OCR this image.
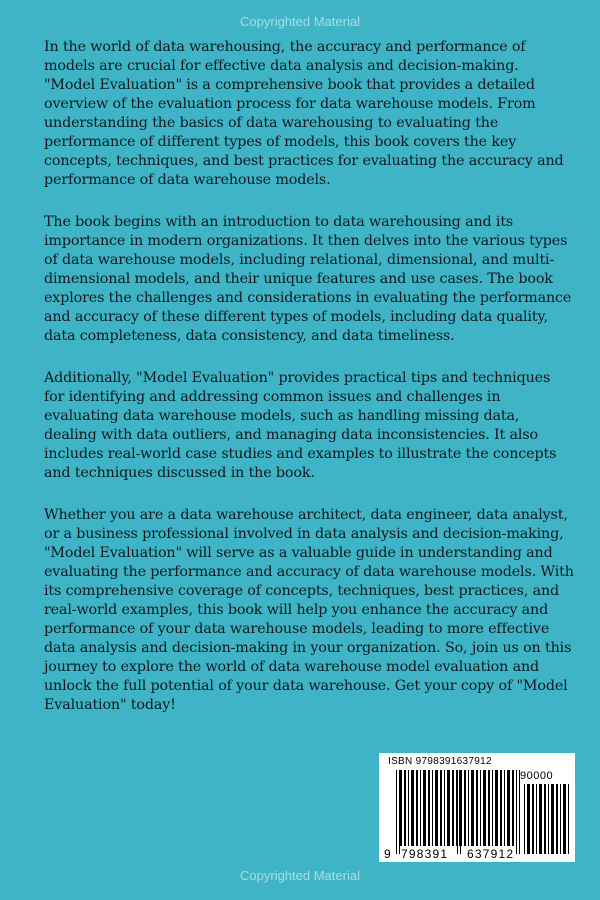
Copyrighted Material

In the world of data warehousing, the accuracy and performance of models are crucial for effective data analysis and decision-making. "Model Evaluation" is a comprehensive book that provides a detailed overview of the evaluation process for data warehouse models. From understanding the basics of data warehousing to evaluating the performance of different types of models, this book covers the key concepts, techniques, and best practices for evaluating the accuracy and performance of data warehouse models.

The book begins with an introduction to data warehousing and its importance in modern organizations. It then delves into the various types of data warehouse models, including relational, dimensional, and multi-dimensional models, and their unique features and use cases. The book explores the challenges and considerations in evaluating the performance and accuracy of these different types of models, including data quality, data completeness, data consistency, and data timeliness.

Additionally, "Model Evaluation" provides practical tips and techniques for identifying and addressing common issues and challenges in evaluating data warehouse models, such as handling missing data, dealing with data outliers, and managing data inconsistencies. It also includes real-world case studies and examples to illustrate the concepts and techniques discussed in the book.

Whether you are a data warehouse architect, data engineer, data analyst, or a business professional involved in data analysis and decision-making, "Model Evaluation" will serve as a valuable guide in understanding and evaluating the performance and accuracy of data warehouse models. With its comprehensive coverage of concepts, techniques, best practices, and real-world examples, this book will help you enhance the accuracy and performance of your data warehouse models, leading to more effective data analysis and decision-making in your organization. So, join us on this journey to explore the world of data warehouse model evaluation and unlock the full potential of your data warehouse. Get your copy of "Model Evaluation" today!

ISBN 9798391637912
90000
9 798391 637912
Copyrighted Material
